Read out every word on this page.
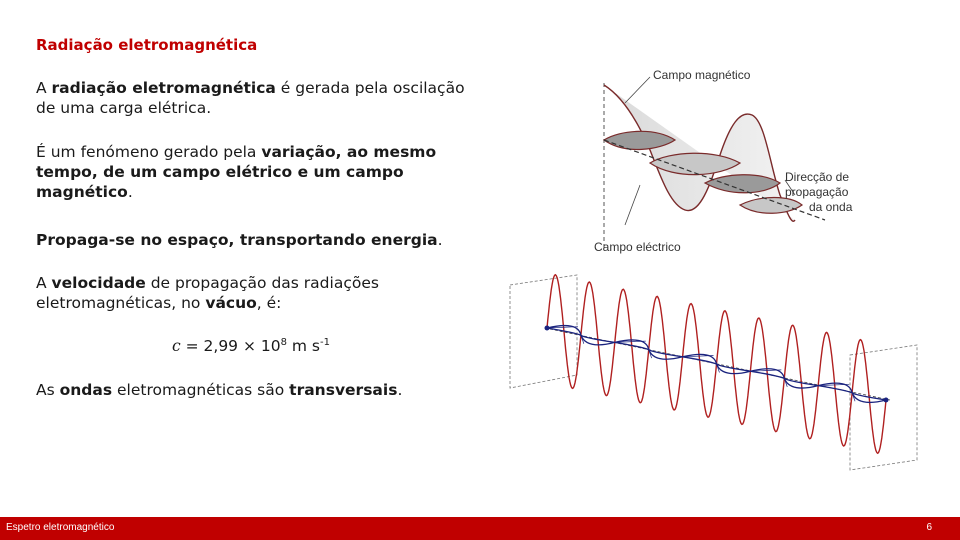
Radiação eletromagnética
A radiação eletromagnética é gerada pela oscilação de uma carga elétrica.
É um fenómeno gerado pela variação, ao mesmo tempo, de um campo elétrico e um campo magnético.
Propaga-se no espaço, transportando energia.
A velocidade de propagação das radiações eletromagnéticas, no vácuo, é:
$c = 2,99 \times 10^8$ m $s^{-1}$
As ondas eletromagnéticas são transversais.
Campo magnético
Direcção de
propagação
da onda
Campo eléctrico
Espetro eletromagnético	6
